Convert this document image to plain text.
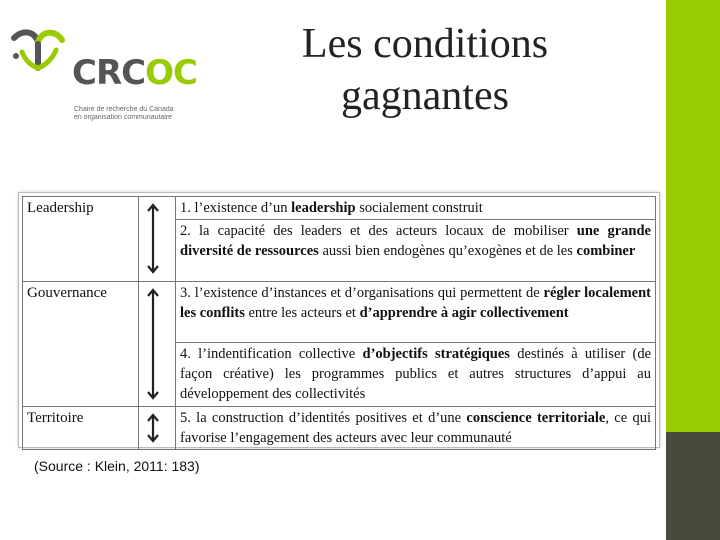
CRCOC
Chaire de recherche du Canada
en organisation communautaire
Les conditions gagnantes
Leadership		1. l’existence d’un leadership socialement construit
		2. la capacité des leaders et des acteurs locaux de mobiliser une grande diversité de ressources aussi bien endogènes qu’exogènes et de les combiner
Gouvernance		3. l’existence d’instances et d’organisations qui permettent de régler localement les conflits entre les acteurs et d’apprendre à agir collectivement
		4. l’indentification collective d’objectifs stratégiques destinés à utiliser (de façon créative) les programmes publics et autres structures d’appui au développement des collectivités
Territoire		5. la construction d’identités positives et d’une conscience territoriale, ce qui favorise l’engagement des acteurs avec leur communauté
(Source : Klein, 2011: 183)
